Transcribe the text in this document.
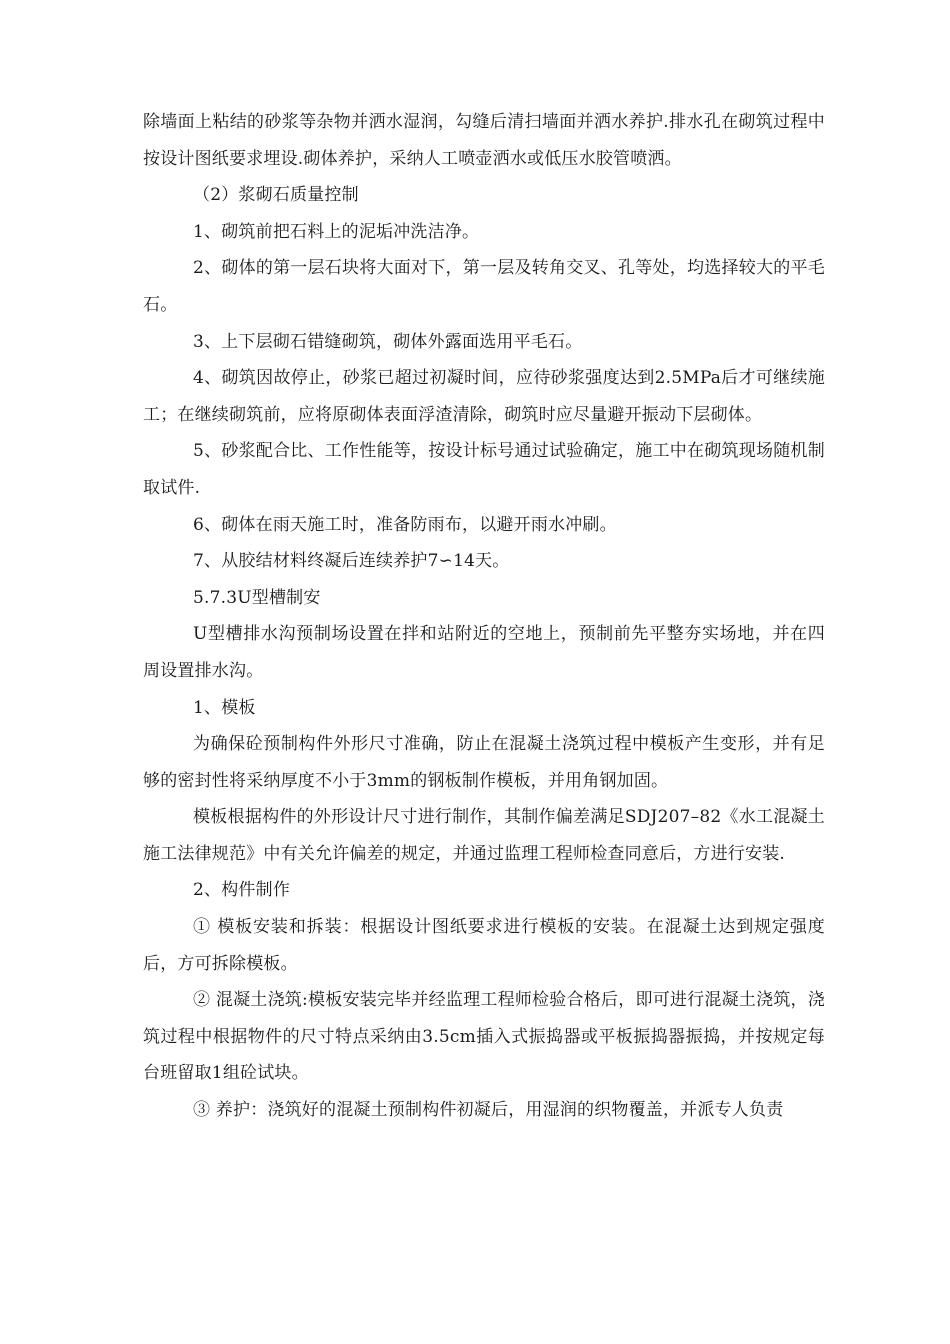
除墙面上粘结的砂浆等杂物并洒水湿润，勾缝后清扫墙面并洒水养护.排水孔在砌筑过程中按设计图纸要求埋设.砌体养护，采纳人工喷壶洒水或低压水胶管喷洒。

（2）浆砌石质量控制

1、砌筑前把石料上的泥垢冲洗洁净。

2、砌体的第一层石块将大面对下，第一层及转角交叉、孔等处，均选择较大的平毛石。

3、上下层砌石错缝砌筑，砌体外露面选用平毛石。

4、砌筑因故停止，砂浆已超过初凝时间，应待砂浆强度达到2.5MPa后才可继续施工；在继续砌筑前，应将原砌体表面浮渣清除，砌筑时应尽量避开振动下层砌体。

5、砂浆配合比、工作性能等，按设计标号通过试验确定，施工中在砌筑现场随机制取试件.

6、砌体在雨天施工时，准备防雨布，以避开雨水冲刷。

7、从胶结材料终凝后连续养护7∽14天。

5.7.3U型槽制安

U型槽排水沟预制场设置在拌和站附近的空地上，预制前先平整夯实场地，并在四周设置排水沟。

1、模板

为确保砼预制构件外形尺寸准确，防止在混凝土浇筑过程中模板产生变形，并有足够的密封性将采纳厚度不小于3mm的钢板制作模板，并用角钢加固。

模板根据构件的外形设计尺寸进行制作，其制作偏差满足SDJ207–82《水工混凝土施工法律规范》中有关允许偏差的规定，并通过监理工程师检查同意后，方进行安装.

2、构件制作

① 模板安装和拆装：根据设计图纸要求进行模板的安装。在混凝土达到规定强度后，方可拆除模板。

② 混凝土浇筑:模板安装完毕并经监理工程师检验合格后，即可进行混凝土浇筑，浇筑过程中根据物件的尺寸特点采纳由3.5cm插入式振捣器或平板振捣器振捣，并按规定每台班留取1组砼试块。

③ 养护：浇筑好的混凝土预制构件初凝后，用湿润的织物覆盖，并派专人负责
